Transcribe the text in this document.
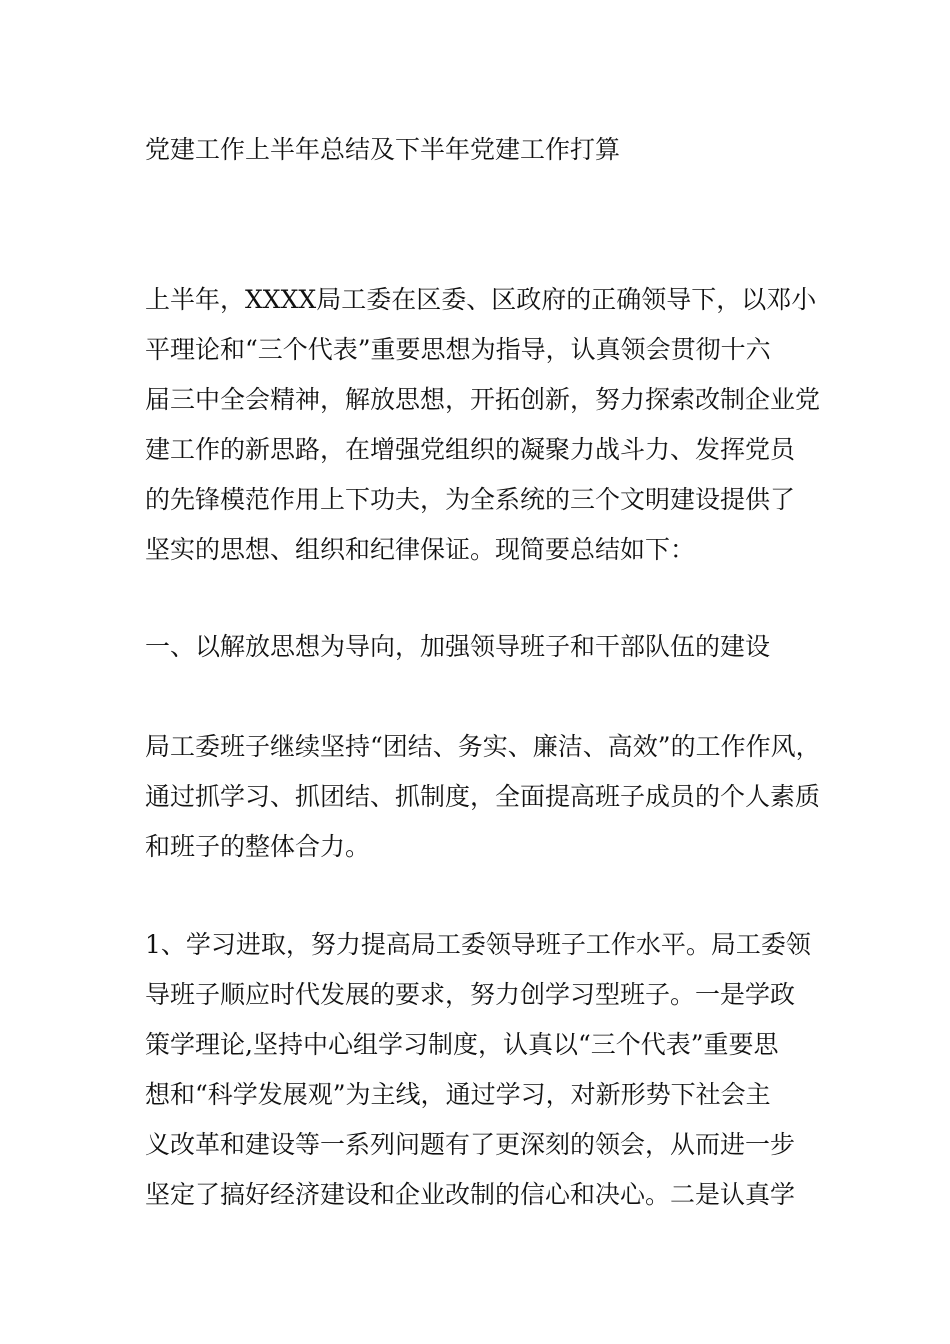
党建工作上半年总结及下半年党建工作打算
上半年，XXXX局工委在区委、区政府的正确领导下，以邓小
平理论和“三个代表”重要思想为指导，认真领会贯彻十六
届三中全会精神，解放思想，开拓创新，努力探索改制企业党
建工作的新思路，在增强党组织的凝聚力战斗力、发挥党员
的先锋模范作用上下功夫，为全系统的三个文明建设提供了
坚实的思想、组织和纪律保证。现简要总结如下：
一、以解放思想为导向，加强领导班子和干部队伍的建设
局工委班子继续坚持“团结、务实、廉洁、高效”的工作作风，
通过抓学习、抓团结、抓制度，全面提高班子成员的个人素质
和班子的整体合力。
1、学习进取，努力提高局工委领导班子工作水平。局工委领
导班子顺应时代发展的要求，努力创学习型班子。一是学政
策学理论,坚持中心组学习制度，认真以“三个代表”重要思
想和“科学发展观”为主线，通过学习，对新形势下社会主
义改革和建设等一系列问题有了更深刻的领会，从而进一步
坚定了搞好经济建设和企业改制的信心和决心。二是认真学
